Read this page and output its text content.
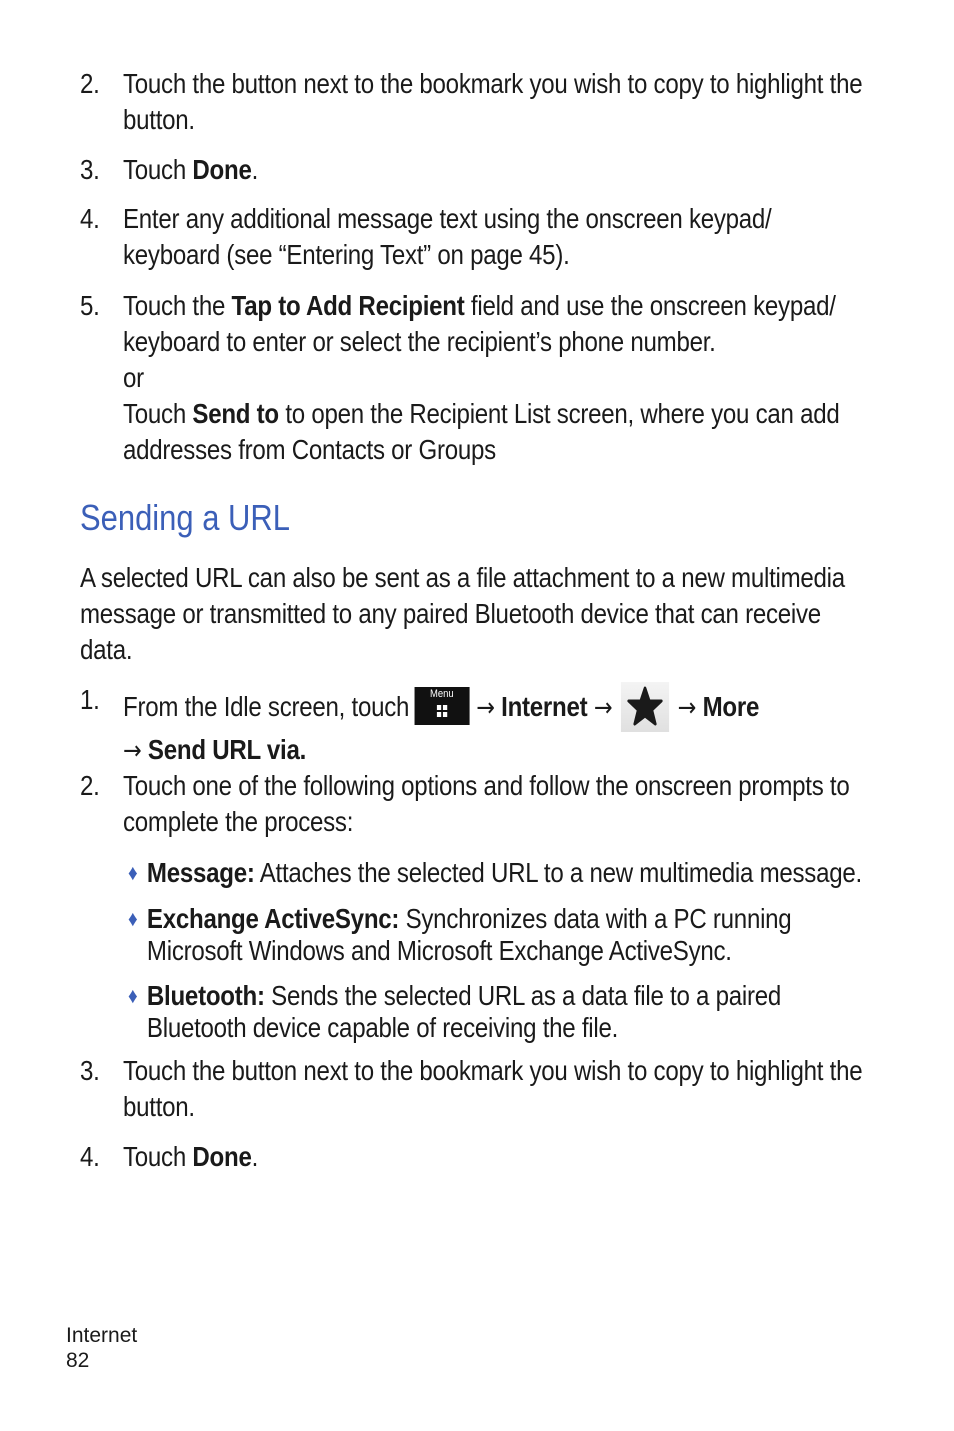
2. Touch the button next to the bookmark you wish to copy to highlight the
button.
3. Touch Done.
4. Enter any additional message text using the onscreen keypad/
keyboard (see “Entering Text” on page 45).
5. Touch the Tap to Add Recipient field and use the onscreen keypad/
keyboard to enter or select the recipient’s phone number.
or
Touch Send to to open the Recipient List screen, where you can add
addresses from Contacts or Groups
Sending a URL
A selected URL can also be sent as a file attachment to a new multimedia
message or transmitted to any paired Bluetooth device that can receive
data.
1. From the Idle screen, touch	Menu → Internet →	→ More
→ Send URL via.
2. Touch one of the following options and follow the onscreen prompts to
complete the process:
♦ Message: Attaches the selected URL to a new multimedia message.
♦ Exchange ActiveSync: Synchronizes data with a PC running
Microsoft Windows and Microsoft Exchange ActiveSync.
♦ Bluetooth: Sends the selected URL as a data file to a paired
Bluetooth device capable of receiving the file.
3. Touch the button next to the bookmark you wish to copy to highlight the
button.
4. Touch Done.
Internet
82
